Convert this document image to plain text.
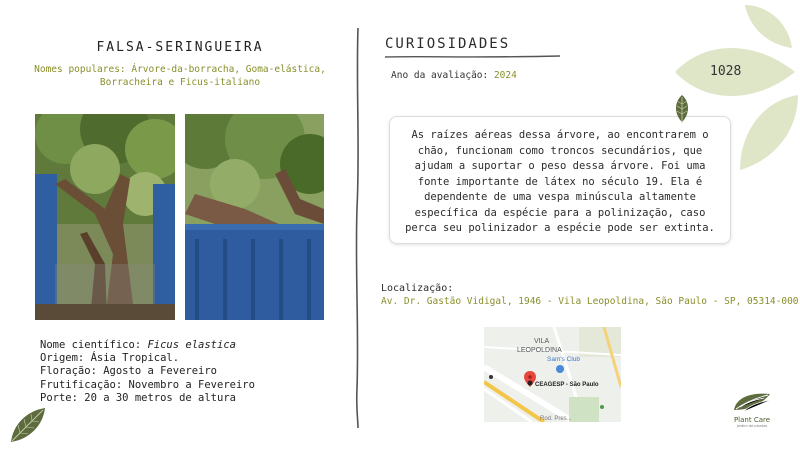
FALSA-SERINGUEIRA
Nomes populares: Árvore-da-borracha, Goma-elástica, Borracheira e Ficus-italiano
Nome científico: Ficus elastica
Origem: Ásia Tropical.
Floração: Agosto a Fevereiro
Frutificação: Novembro a Fevereiro
Porte: 20 a 30 metros de altura
CURIOSIDADES
Ano da avaliação: 2024
As raízes aéreas dessa árvore, ao encontrarem o chão, funcionam como troncos secundários, que ajudam a suportar o peso dessa árvore. Foi uma fonte importante de látex no século 19. Ela é dependente de uma vespa minúscula altamente específica da espécie para a polinização, caso perca seu polinizador a espécie pode ser extinta.
Localização:
Av. Dr. Gastão Vidigal, 1946 - Vila Leopoldina, São Paulo - SP, 05314-000
VILA
LEOPOLDINA
Sam's Club
CEAGESP - São Paulo
Rod. Pres...
1028
Plant Care
jardim de plantas
